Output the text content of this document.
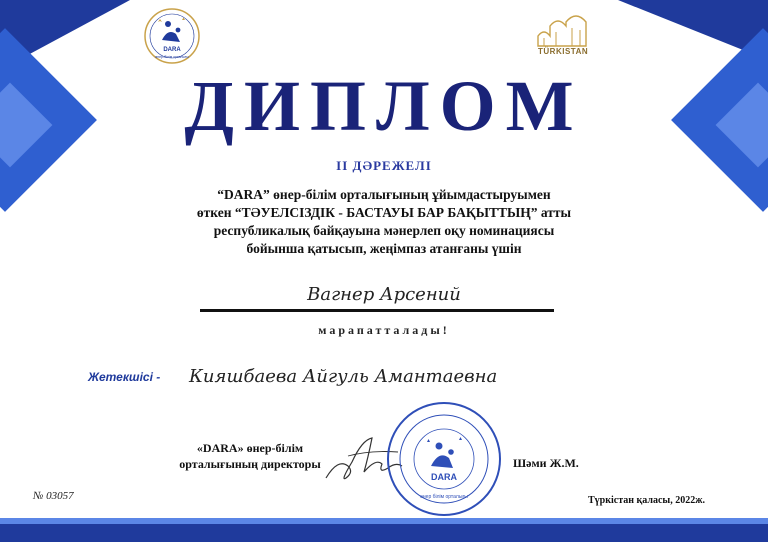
DARA
өнер-білім орталығы
TÜRKISTAN
ДИПЛОМ
II ДӘРЕЖЕЛІ
“DARA” өнер-білім орталығының ұйымдастыруымен
өткен “ТӘУЕЛСІЗДІК - БАСТАУЫ БАР БАҚЫТТЫҢ” атты
республикалық байқауына мәнерлеп оқу номинациясы
бойынша қатысып, жеңімпаз атанғаны үшін
Вагнер Арсений
марапатталады!
Жетекшісі - Кияшбаева Айгуль Амантаевна
«DARA» өнер-білім
орталығының директоры
DARA
өнер білім орталығы
Шәми Ж.М.
№ 03057	Түркістан қаласы, 2022ж.
